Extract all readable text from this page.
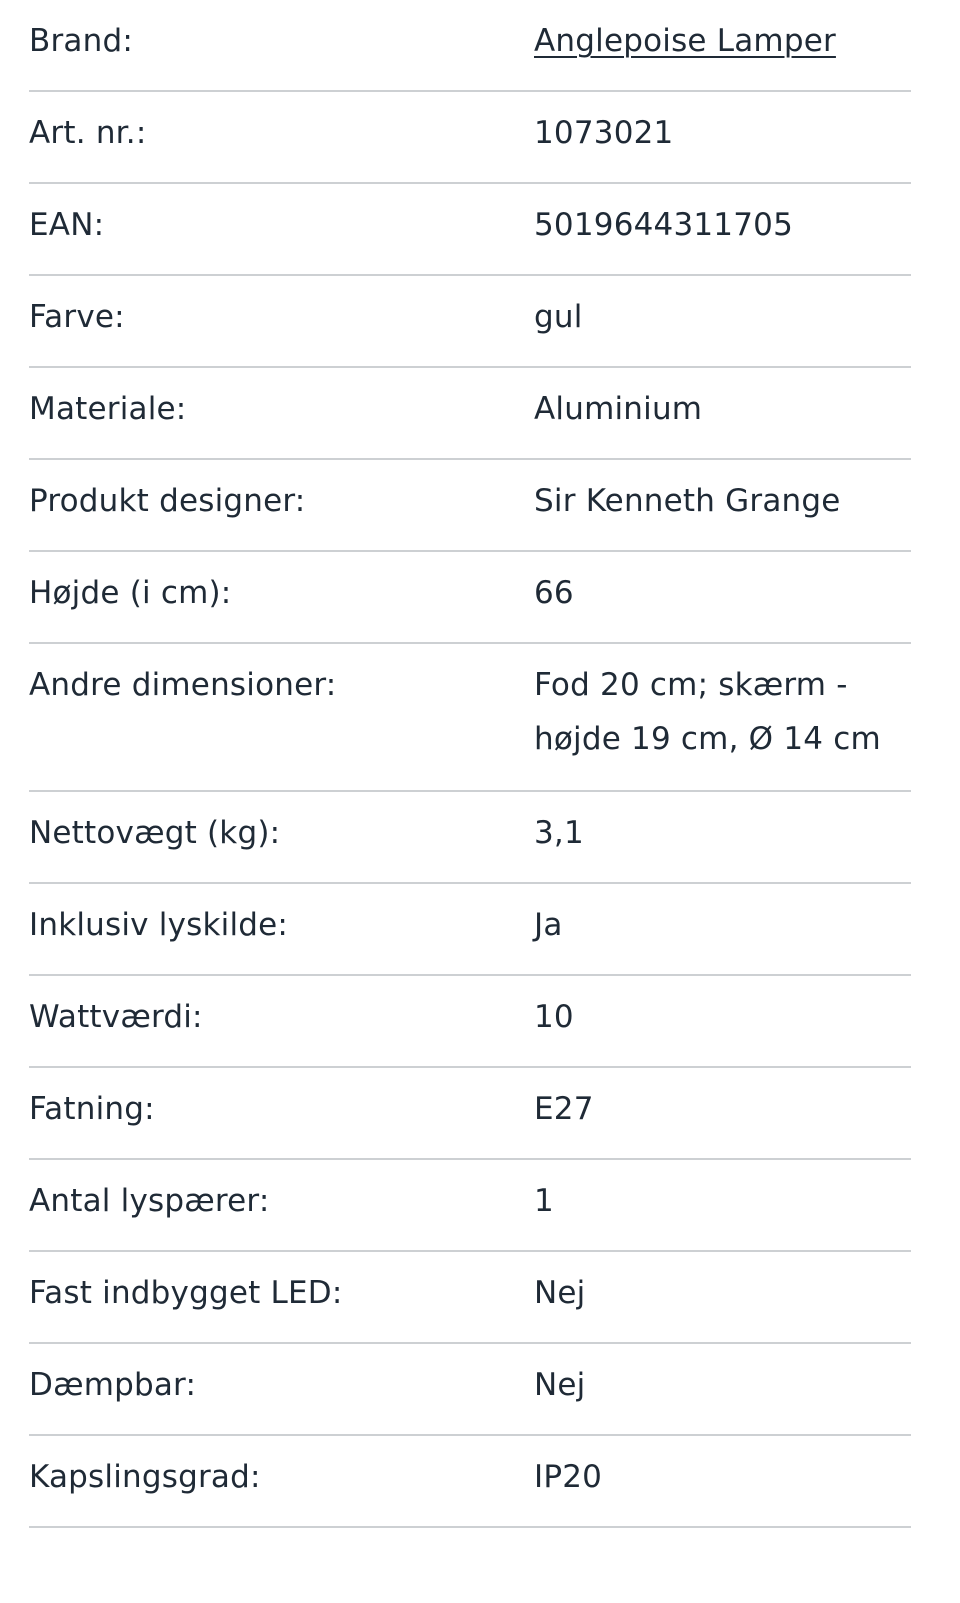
Brand:	Anglepoise Lamper
Art. nr.:	1073021
EAN:	5019644311705
Farve:	gul
Materiale:	Aluminium
Produkt designer:	Sir Kenneth Grange
Højde (i cm):	66
Andre dimensioner:	Fod 20 cm; skærm - højde 19 cm, Ø 14 cm
Nettovægt (kg):	3,1
Inklusiv lyskilde:	Ja
Wattværdi:	10
Fatning:	E27
Antal lyspærer:	1
Fast indbygget LED:	Nej
Dæmpbar:	Nej
Kapslingsgrad:	IP20
